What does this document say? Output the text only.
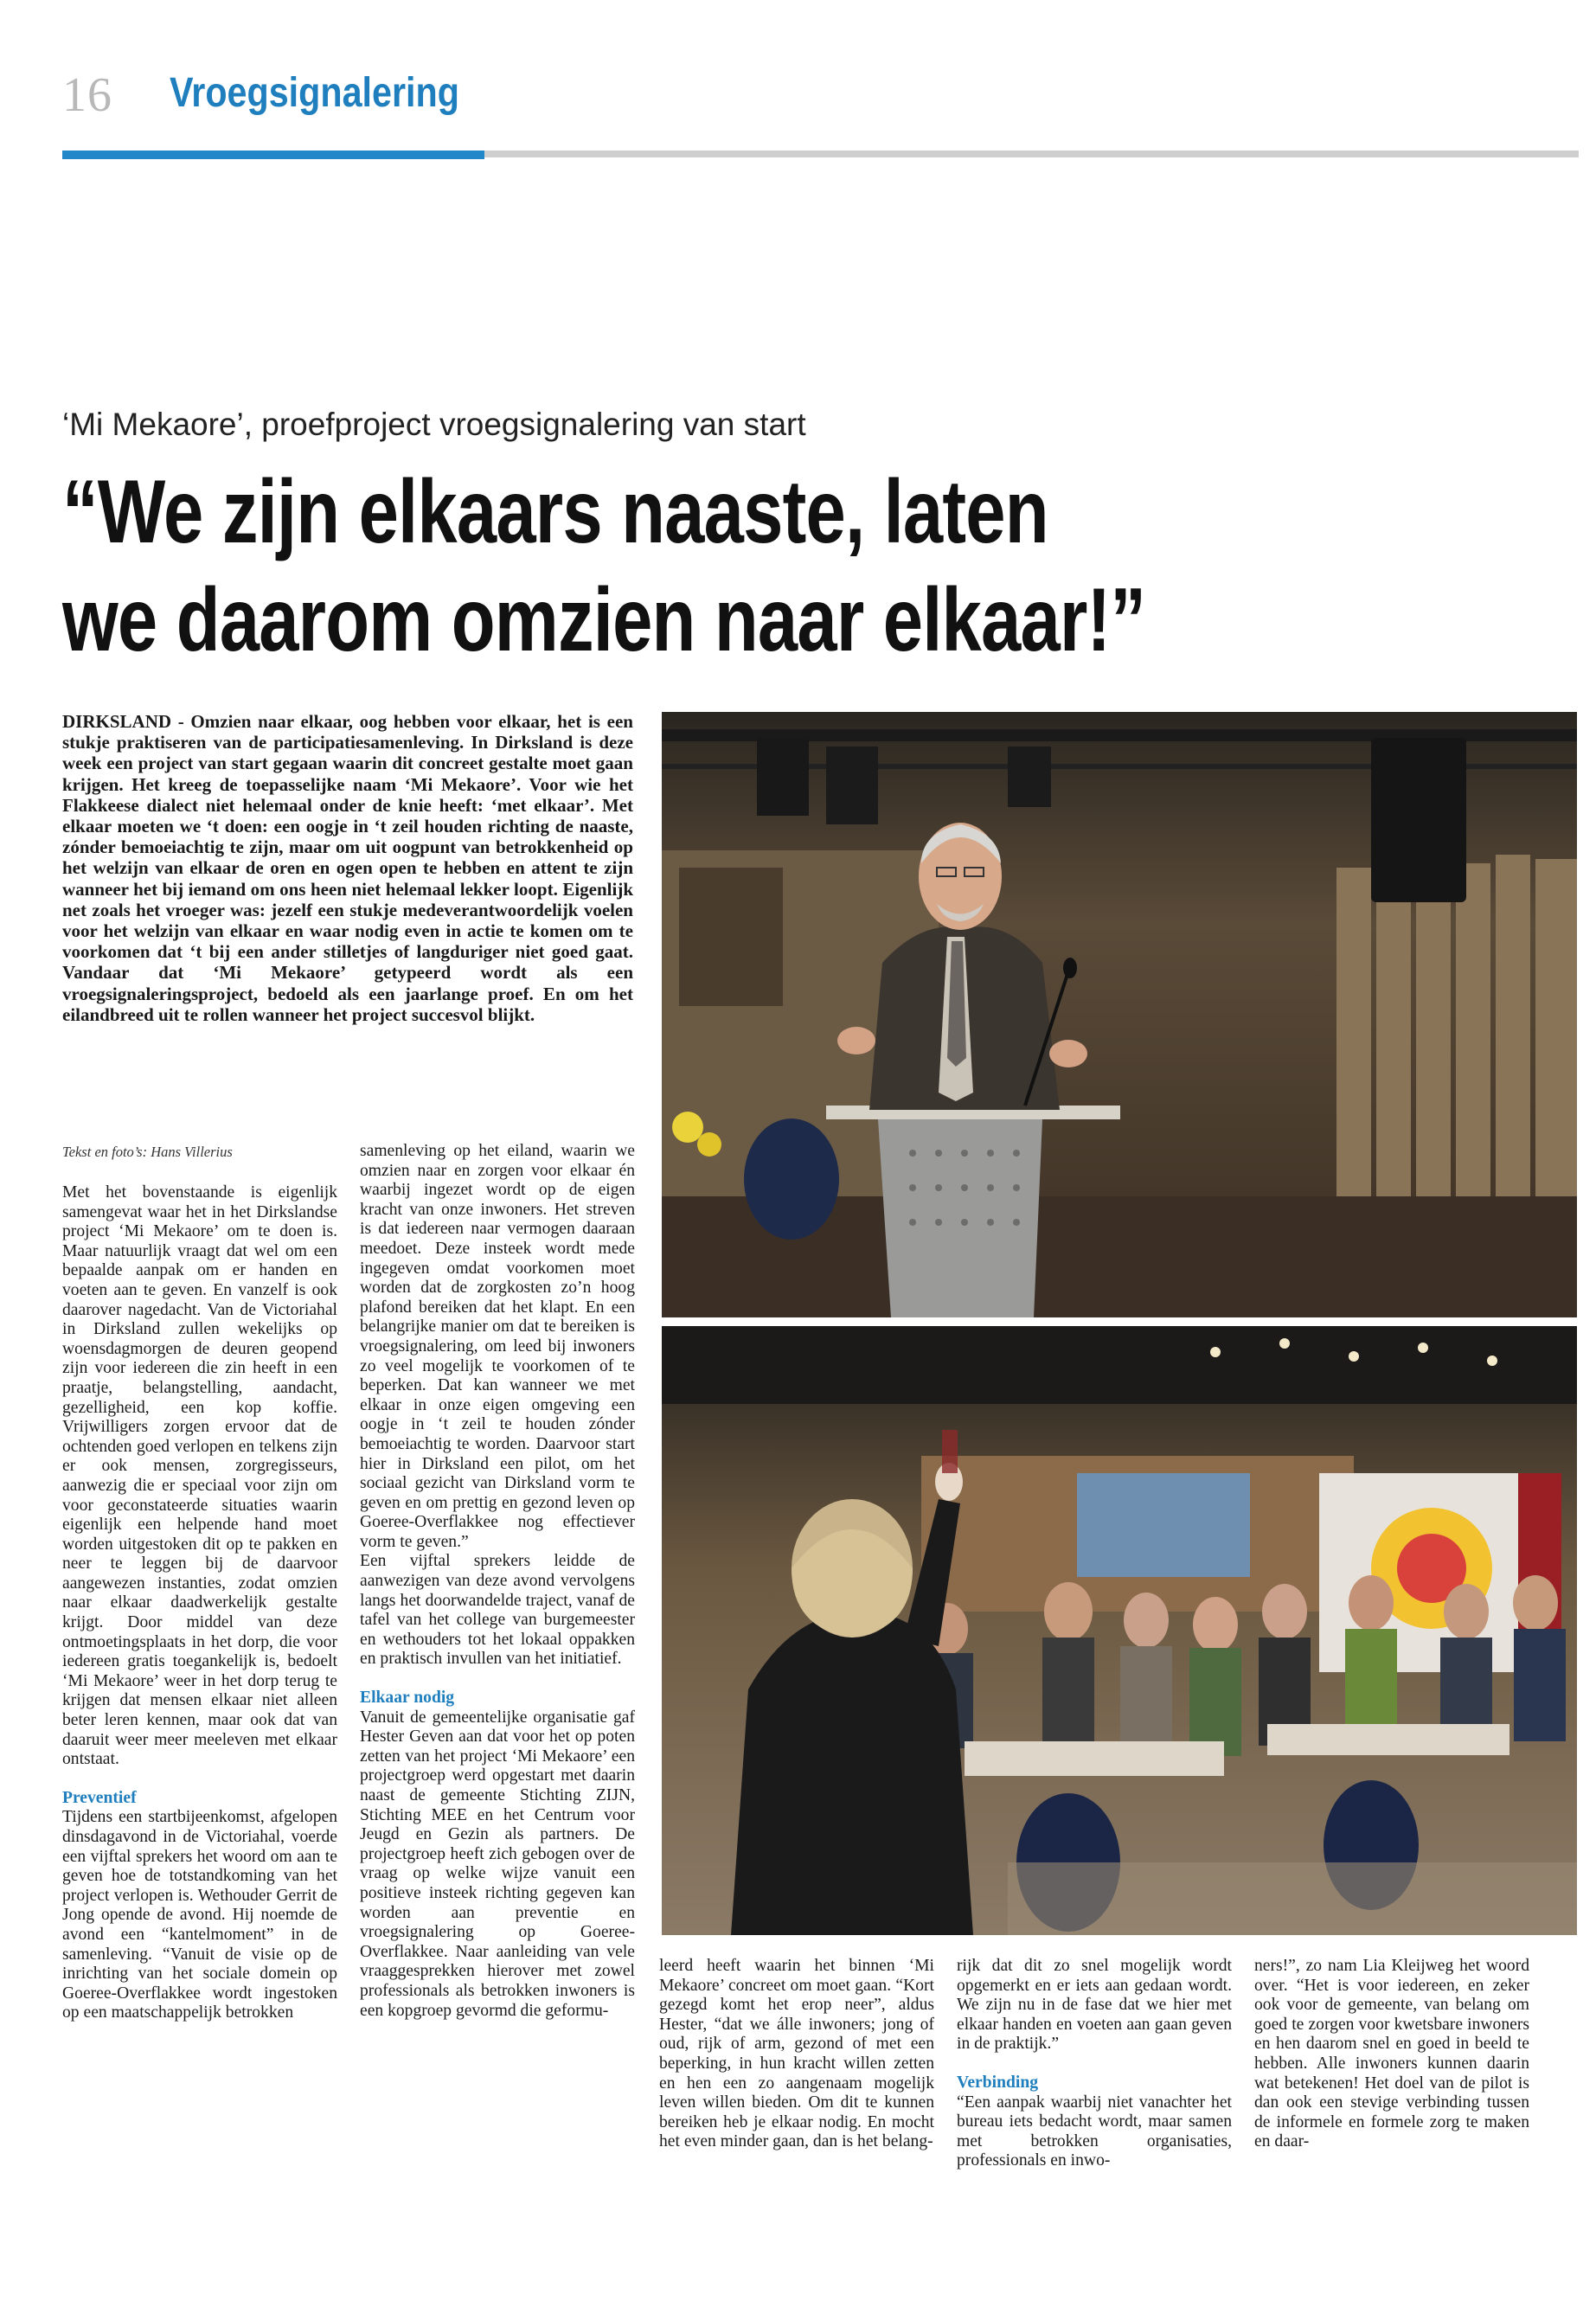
16 Vroegsignalering
‘Mi Mekaore’, proefproject vroegsignalering van start
“We zijn elkaars naaste, laten
we daarom omzien naar elkaar!”
DIRKSLAND - Omzien naar elkaar, oog hebben voor elkaar, het is een stukje praktiseren van de participatiesamenleving. In Dirksland is deze week een project van start gegaan waarin dit concreet gestalte moet gaan krijgen. Het kreeg de toepasselijke naam ‘Mi Mekaore’. Voor wie het Flakkeese dialect niet helemaal onder de knie heeft: ‘met elkaar’. Met elkaar moeten we ‘t doen: een oogje in ‘t zeil houden richting de naaste, zónder bemoeiachtig te zijn, maar om uit oogpunt van betrokkenheid op het welzijn van elkaar de oren en ogen open te hebben en attent te zijn wanneer het bij iemand om ons heen niet helemaal lekker loopt. Eigenlijk net zoals het vroeger was: jezelf een stukje medeverantwoordelijk voelen voor het welzijn van elkaar en waar nodig even in actie te komen om te voorkomen dat ‘t bij een ander stilletjes of langduriger niet goed gaat. Vandaar dat ‘Mi Mekaore’ getypeerd wordt als een vroegsignaleringsproject, bedoeld als een jaarlange proef. En om het eilandbreed uit te rollen wanneer het project succesvol blijkt.
Tekst en foto’s: Hans Villerius

Met het bovenstaande is eigenlijk samengevat waar het in het Dirkslandse project ‘Mi Mekaore’ om te doen is. Maar natuurlijk vraagt dat wel om een bepaalde aanpak om er handen en voeten aan te geven. En vanzelf is ook daarover nagedacht. Van de Victoriahal in Dirksland zullen wekelijks op woensdagmorgen de deuren geopend zijn voor iedereen die zin heeft in een praatje, belangstelling, aandacht, gezelligheid, een kop koffie. Vrijwilligers zorgen ervoor dat de ochtenden goed verlopen en telkens zijn er ook mensen, zorgregisseurs, aanwezig die er speciaal voor zijn om voor geconstateerde situaties waarin eigenlijk een helpende hand moet worden uitgestoken dit op te pakken en neer te leggen bij de daarvoor aangewezen instanties, zodat omzien naar elkaar daadwerkelijk gestalte krijgt. Door middel van deze ontmoetingsplaats in het dorp, die voor iedereen gratis toegankelijk is, bedoelt ‘Mi Mekaore’ weer in het dorp terug te krijgen dat mensen elkaar niet alleen beter leren kennen, maar ook dat van daaruit weer meer meeleven met elkaar ontstaat.

Preventief

Tijdens een startbijeenkomst, afgelopen dinsdagavond in de Victoriahal, voerde een vijftal sprekers het woord om aan te geven hoe de totstandkoming van het project verlopen is. Wethouder Gerrit de Jong opende de avond. Hij noemde de avond een “kantelmoment” in de samenleving. “Vanuit de visie op de inrichting van het sociale domein op Goeree-Overflakkee wordt ingestoken op een maatschappelijk betrokken

samenleving op het eiland, waarin we omzien naar en zorgen voor elkaar én waarbij ingezet wordt op de eigen kracht van onze inwoners. Het streven is dat iedereen naar vermogen daaraan meedoet. Deze insteek wordt mede ingegeven omdat voorkomen moet worden dat de zorgkosten zo’n hoog plafond bereiken dat het klapt. En een belangrijke manier om dat te bereiken is vroegsignalering, om leed bij inwoners zo veel mogelijk te voorkomen of te beperken. Dat kan wanneer we met elkaar in onze eigen omgeving een oogje in ‘t zeil te houden zónder bemoeiachtig te worden. Daarvoor start hier in Dirksland een pilot, om het sociaal gezicht van Dirksland vorm te geven en om prettig en gezond leven op Goeree-Overflakkee nog effectiever vorm te geven.”

Een vijftal sprekers leidde de aanwezigen van deze avond vervolgens langs het doorwandelde traject, vanaf de tafel van het college van burgemeester en wethouders tot het lokaal oppakken en praktisch invullen van het initiatief.

Elkaar nodig

Vanuit de gemeentelijke organisatie gaf Hester Geven aan dat voor het op poten zetten van het project ‘Mi Mekaore’ een projectgroep werd opgestart met daarin naast de gemeente Stichting ZIJN, Stichting MEE en het Centrum voor Jeugd en Gezin als partners. De projectgroep heeft zich gebogen over de vraag op welke wijze vanuit een positieve insteek richting gegeven kan worden aan preventie en vroegsignalering op Goeree-Overflakkee. Naar aanleiding van vele vraaggesprekken hierover met zowel professionals als betrokken inwoners is een kopgroep gevormd die geformu-

leerd heeft waarin het binnen ‘Mi Mekaore’ concreet om moet gaan. “Kort gezegd komt het erop neer”, aldus Hester, “dat we álle inwoners; jong of oud, rijk of arm, gezond of met een beperking, in hun kracht willen zetten en hen een zo aangenaam mogelijk leven willen bieden. Om dit te kunnen bereiken heb je elkaar nodig. En mocht het even minder gaan, dan is het belang-

rijk dat dit zo snel mogelijk wordt opgemerkt en er iets aan gedaan wordt. We zijn nu in de fase dat we hier met elkaar handen en voeten aan gaan geven in de praktijk.”

Verbinding

“Een aanpak waarbij niet vanachter het bureau iets bedacht wordt, maar samen met betrokken organisaties, professionals en inwo-

ners!”, zo nam Lia Kleijweg het woord over. “Het is voor iedereen, en zeker ook voor de gemeente, van belang om goed te zorgen voor kwetsbare inwoners en hen daarom snel en goed in beeld te hebben. Alle inwoners kunnen daarin wat betekenen! Het doel van de pilot is dan ook een stevige verbinding tussen de informele en formele zorg te maken en daar-
